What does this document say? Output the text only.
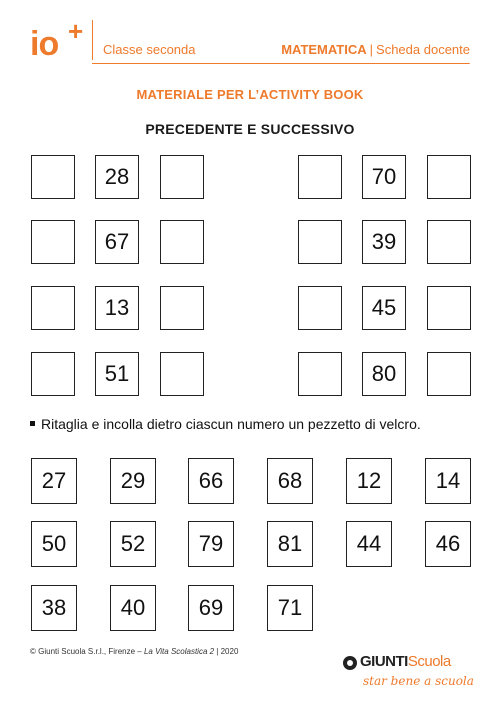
io +
Classe seconda	MATEMATICA | Scheda docente
MATERIALE PER L’ACTIVITY BOOK
PRECEDENTE E SUCCESSIVO
28
67
13
51
70
39
45
80
Ritaglia e incolla dietro ciascun numero un pezzetto di velcro.
27	29	66	68	12	14
50	52	79	81	44	46
38	40	69	71
© Giunti Scuola S.r.l., Firenze – La Vita Scolastica 2 | 2020
GIUNTIScuola
star bene a scuola
